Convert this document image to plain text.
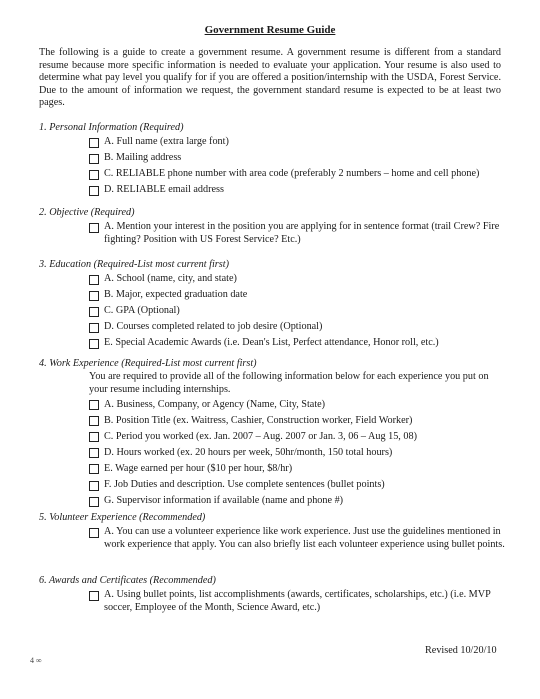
Government Resume Guide
The following is a guide to create a government resume. A government resume is different from a standard resume because more specific information is needed to evaluate your application. Your resume is also used to determine what pay level you qualify for if you are offered a position/internship with the USDA, Forest Service. Due to the amount of information we request, the government standard resume is expected to be at least two pages.
1. Personal Information (Required)
A. Full name (extra large font)
B. Mailing address
C. RELIABLE phone number with area code (preferably 2 numbers – home and cell phone)
D. RELIABLE email address
2. Objective (Required)
A. Mention your interest in the position you are applying for in sentence format (trail Crew? Fire fighting? Position with US Forest Service? Etc.)
3. Education (Required-List most current first)
A. School (name, city, and state)
B. Major, expected graduation date
C. GPA (Optional)
D. Courses completed related to job desire (Optional)
E. Special Academic Awards (i.e. Dean's List, Perfect attendance, Honor roll, etc.)
4. Work Experience (Required-List most current first)
You are required to provide all of the following information below for each experience you put on your resume including internships.
A. Business, Company, or Agency (Name, City, State)
B. Position Title (ex. Waitress, Cashier, Construction worker, Field Worker)
C. Period you worked (ex. Jan. 2007 – Aug. 2007 or Jan. 3, 06 – Aug 15, 08)
D. Hours worked (ex. 20 hours per week, 50hr/month, 150 total hours)
E. Wage earned per hour ($10 per hour, $8/hr)
F. Job Duties and description. Use complete sentences (bullet points)
G. Supervisor information if available (name and phone #)
5. Volunteer Experience (Recommended)
A. You can use a volunteer experience like work experience. Just use the guidelines mentioned in work experience that apply. You can also briefly list each volunteer experience using bullet points.
6. Awards and Certificates (Recommended)
A. Using bullet points, list accomplishments (awards, certificates, scholarships, etc.) (i.e. MVP soccer, Employee of the Month, Science Award, etc.)
Revised 10/20/10
4 ∞
